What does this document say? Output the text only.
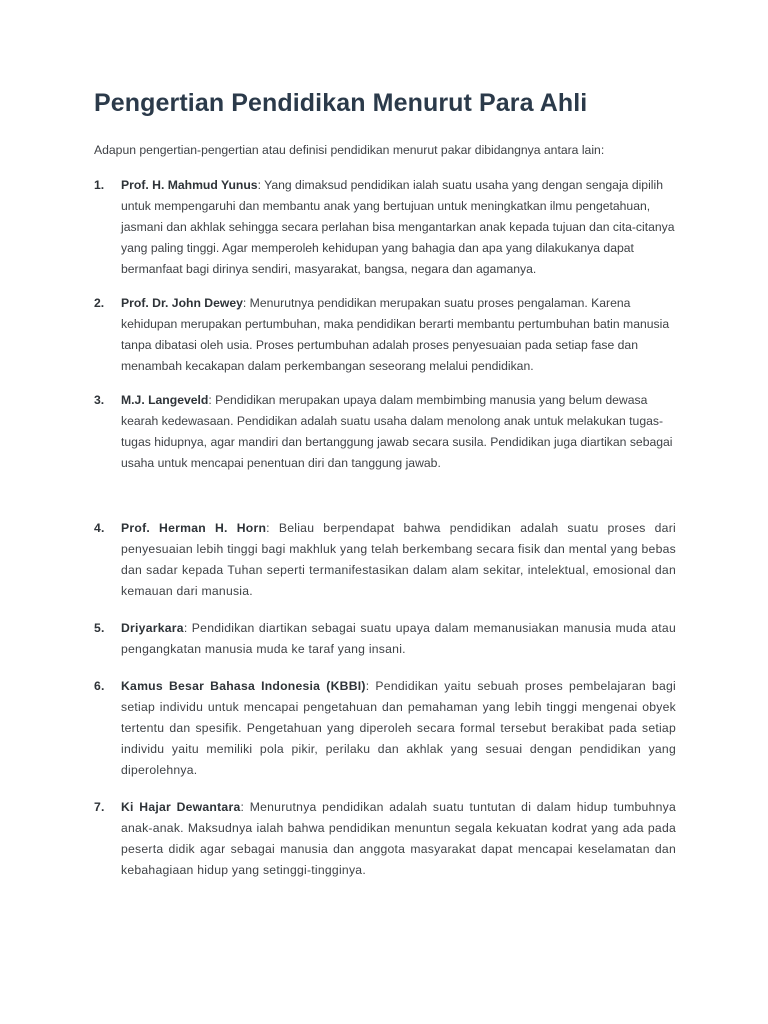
Pengertian Pendidikan Menurut Para Ahli

Adapun pengertian-pengertian atau definisi pendidikan menurut pakar dibidangnya antara lain:

1. Prof. H. Mahmud Yunus: Yang dimaksud pendidikan ialah suatu usaha yang dengan sengaja dipilih untuk mempengaruhi dan membantu anak yang bertujuan untuk meningkatkan ilmu pengetahuan, jasmani dan akhlak sehingga secara perlahan bisa mengantarkan anak kepada tujuan dan cita-citanya yang paling tinggi. Agar memperoleh kehidupan yang bahagia dan apa yang dilakukanya dapat bermanfaat bagi dirinya sendiri, masyarakat, bangsa, negara dan agamanya.
2. Prof. Dr. John Dewey: Menurutnya pendidikan merupakan suatu proses pengalaman. Karena kehidupan merupakan pertumbuhan, maka pendidikan berarti membantu pertumbuhan batin manusia tanpa dibatasi oleh usia. Proses pertumbuhan adalah proses penyesuaian pada setiap fase dan menambah kecakapan dalam perkembangan seseorang melalui pendidikan.
3. M.J. Langeveld: Pendidikan merupakan upaya dalam membimbing manusia yang belum dewasa kearah kedewasaan. Pendidikan adalah suatu usaha dalam menolong anak untuk melakukan tugas-tugas hidupnya, agar mandiri dan bertanggung jawab secara susila. Pendidikan juga diartikan sebagai usaha untuk mencapai penentuan diri dan tanggung jawab.
4. Prof. Herman H. Horn: Beliau berpendapat bahwa pendidikan adalah suatu proses dari penyesuaian lebih tinggi bagi makhluk yang telah berkembang secara fisik dan mental yang bebas dan sadar kepada Tuhan seperti termanifestasikan dalam alam sekitar, intelektual, emosional dan kemauan dari manusia.
5. Driyarkara: Pendidikan diartikan sebagai suatu upaya dalam memanusiakan manusia muda atau pengangkatan manusia muda ke taraf yang insani.
6. Kamus Besar Bahasa Indonesia (KBBI): Pendidikan yaitu sebuah proses pembelajaran bagi setiap individu untuk mencapai pengetahuan dan pemahaman yang lebih tinggi mengenai obyek tertentu dan spesifik. Pengetahuan yang diperoleh secara formal tersebut berakibat pada setiap individu yaitu memiliki pola pikir, perilaku dan akhlak yang sesuai dengan pendidikan yang diperolehnya.
7. Ki Hajar Dewantara: Menurutnya pendidikan adalah suatu tuntutan di dalam hidup tumbuhnya anak-anak. Maksudnya ialah bahwa pendidikan menuntun segala kekuatan kodrat yang ada pada peserta didik agar sebagai manusia dan anggota masyarakat dapat mencapai keselamatan dan kebahagiaan hidup yang setinggi-tingginya.
